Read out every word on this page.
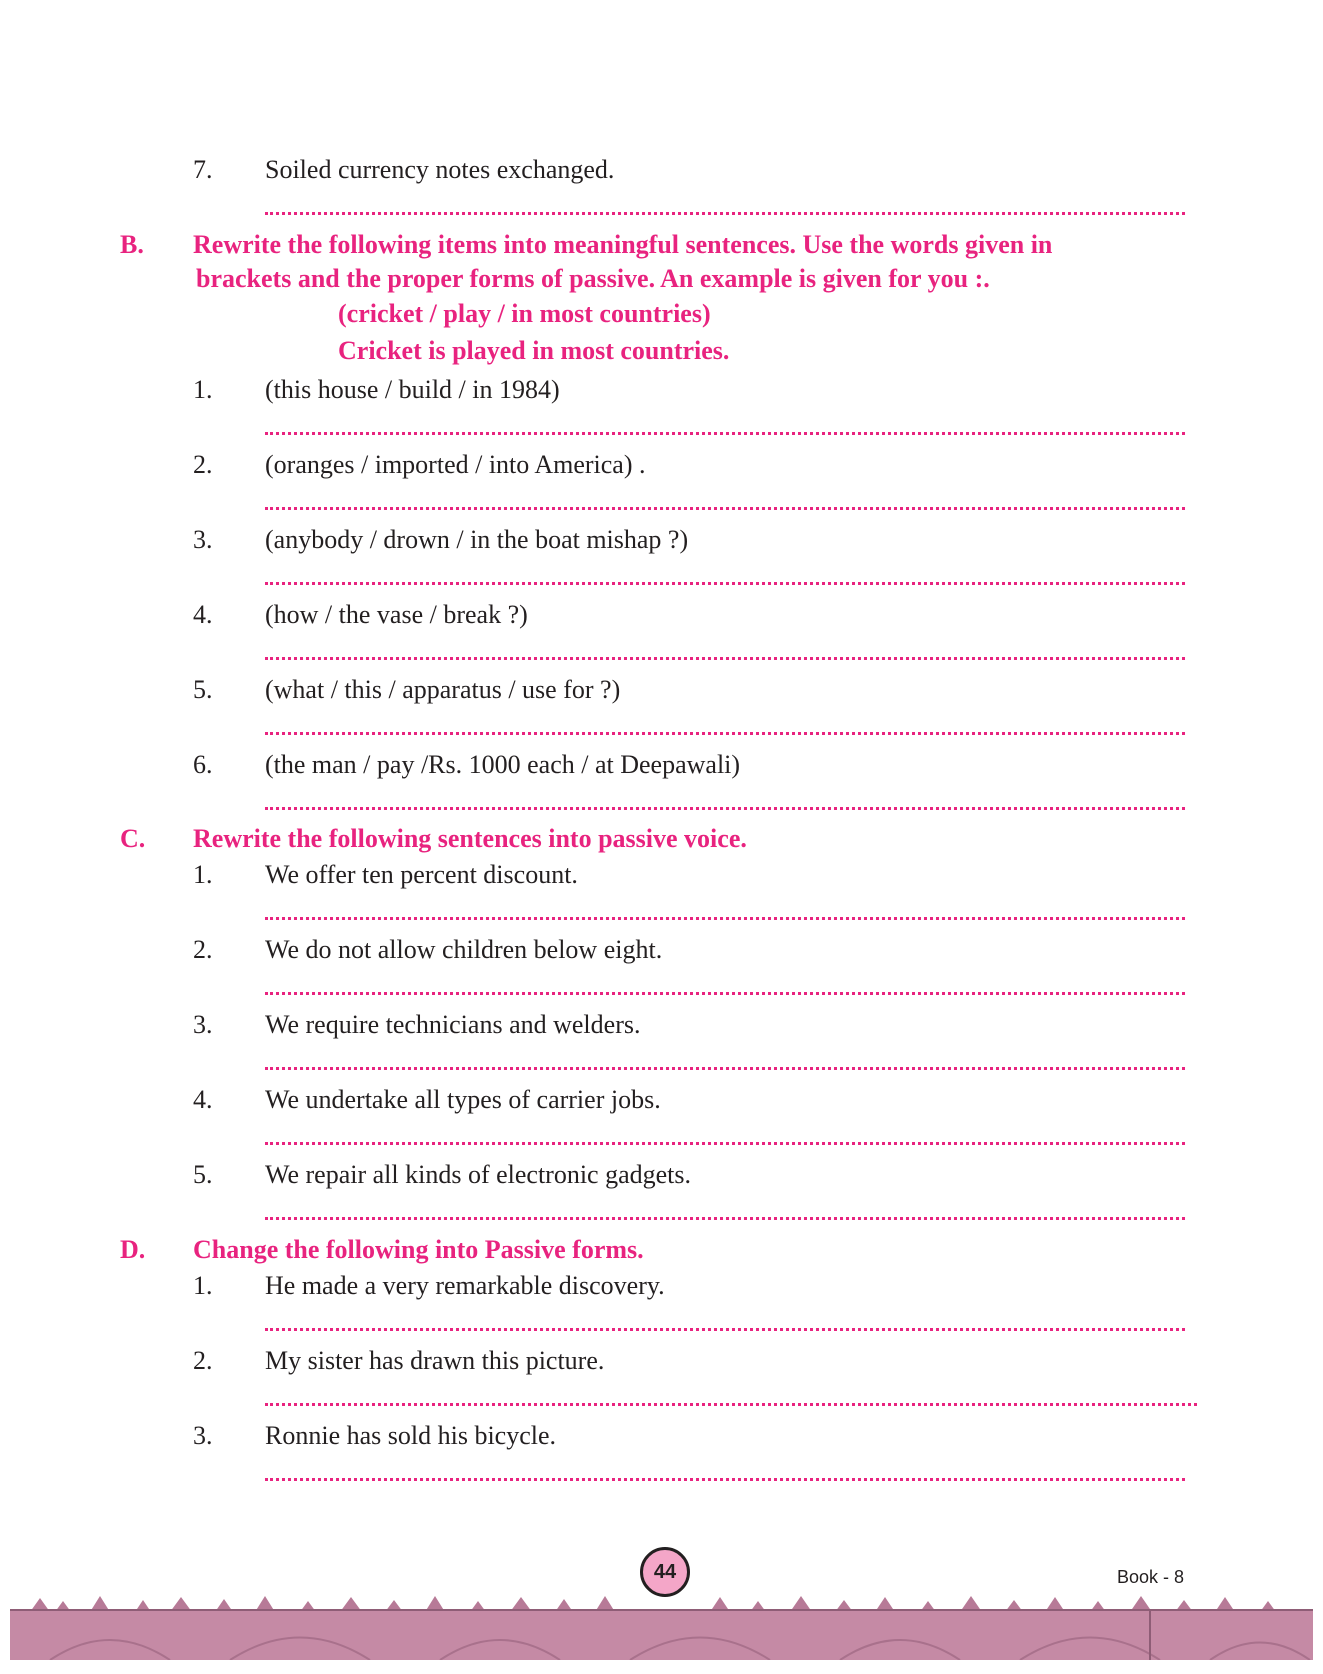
7. Soiled currency notes exchanged.
B. Rewrite the following items into meaningful sentences. Use the words given in
brackets and the proper forms of passive. An example is given for you :.
(cricket / play / in most countries)
Cricket is played in most countries.
1. (this house / build / in 1984)
2. (oranges / imported / into America) .
3. (anybody / drown / in the boat mishap ?)
4. (how / the vase / break ?)
5. (what / this / apparatus / use for ?)
6. (the man / pay /Rs. 1000 each / at Deepawali)
C. Rewrite the following sentences into passive voice.
1. We offer ten percent discount.
2. We do not allow children below eight.
3. We require technicians and welders.
4. We undertake all types of carrier jobs.
5. We repair all kinds of electronic gadgets.
D. Change the following into Passive forms.
1. He made a very remarkable discovery.
2. My sister has drawn this picture.
3. Ronnie has sold his bicycle.
44	Book - 8
